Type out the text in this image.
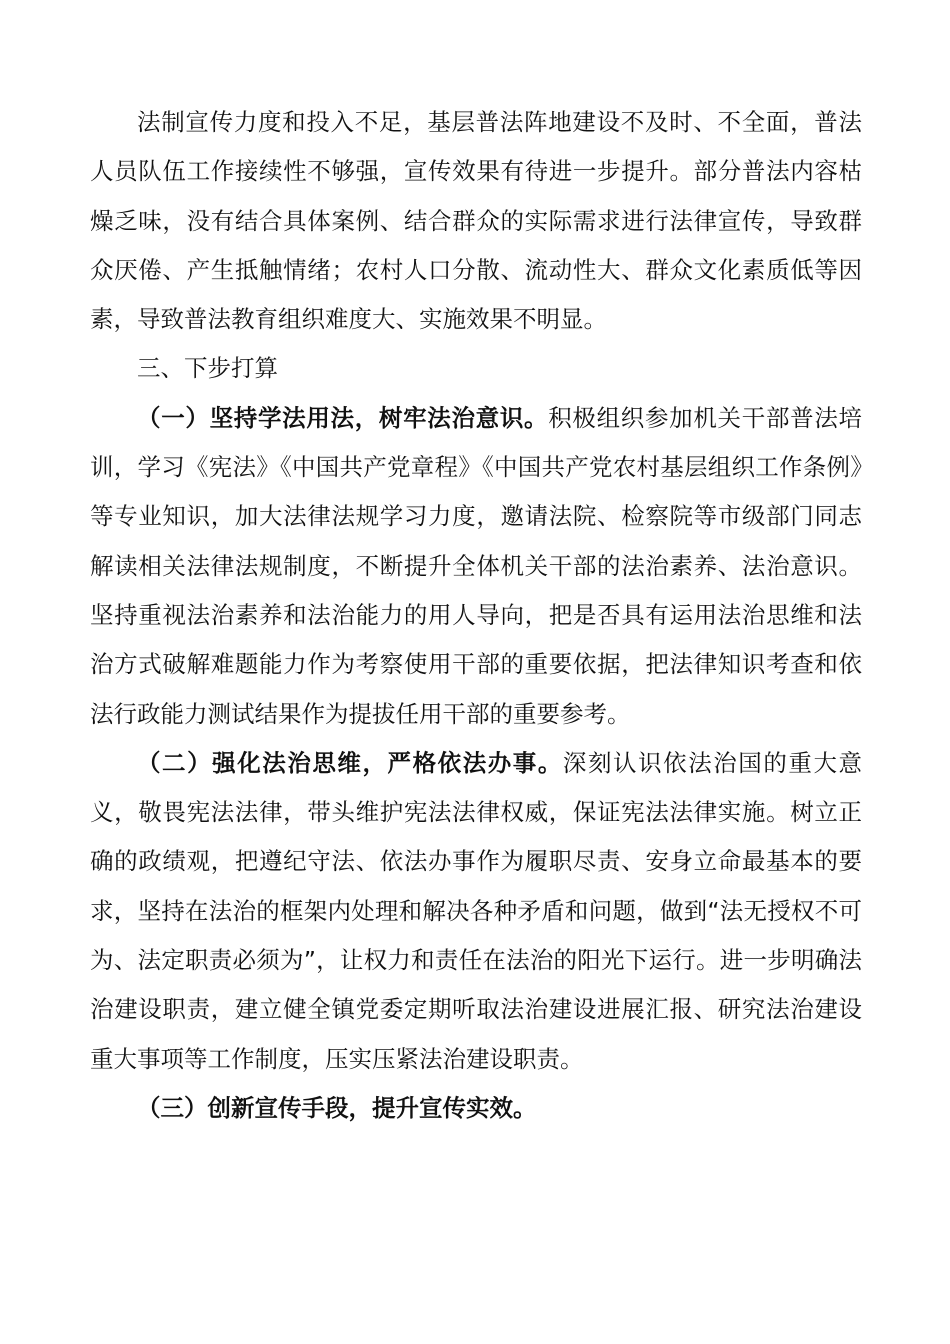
法制宣传力度和投入不足，基层普法阵地建设不及时、不全面，普法人员队伍工作接续性不够强，宣传效果有待进一步提升。部分普法内容枯燥乏味，没有结合具体案例、结合群众的实际需求进行法律宣传，导致群众厌倦、产生抵触情绪；农村人口分散、流动性大、群众文化素质低等因素，导致普法教育组织难度大、实施效果不明显。

三、下步打算

（一）坚持学法用法，树牢法治意识。积极组织参加机关干部普法培训，学习《宪法》《中国共产党章程》《中国共产党农村基层组织工作条例》等专业知识，加大法律法规学习力度，邀请法院、检察院等市级部门同志解读相关法律法规制度，不断提升全体机关干部的法治素养、法治意识。坚持重视法治素养和法治能力的用人导向，把是否具有运用法治思维和法治方式破解难题能力作为考察使用干部的重要依据，把法律知识考查和依法行政能力测试结果作为提拔任用干部的重要参考。

（二）强化法治思维，严格依法办事。深刻认识依法治国的重大意义，敬畏宪法法律，带头维护宪法法律权威，保证宪法法律实施。树立正确的政绩观，把遵纪守法、依法办事作为履职尽责、安身立命最基本的要求，坚持在法治的框架内处理和解决各种矛盾和问题，做到“法无授权不可为、法定职责必须为”，让权力和责任在法治的阳光下运行。进一步明确法治建设职责，建立健全镇党委定期听取法治建设进展汇报、研究法治建设重大事项等工作制度，压实压紧法治建设职责。

（三）创新宣传手段，提升宣传实效。
